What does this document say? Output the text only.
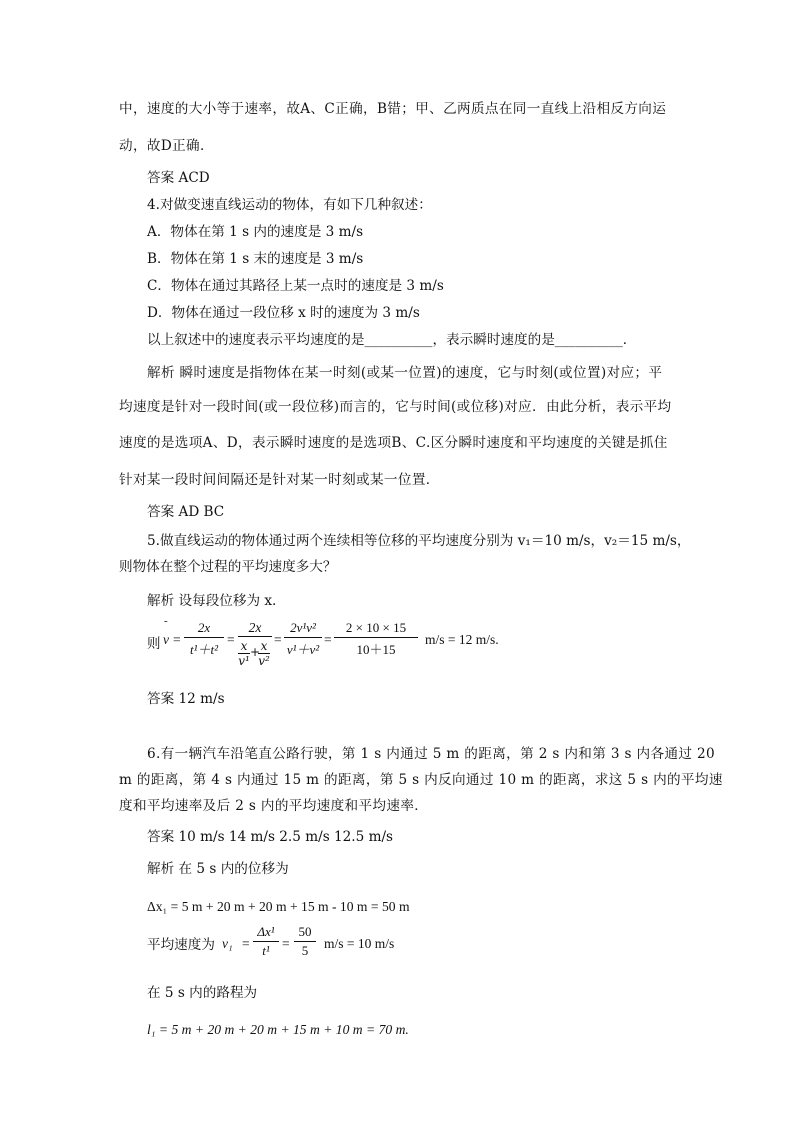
中，速度的大小等于速率，故A、C正确，B错；甲、乙两质点在同一直线上沿相反方向运
动，故D正确．
答案 ACD
4.对做变速直线运动的物体，有如下几种叙述：
A．物体在第 1 s 内的速度是 3 m/s
B．物体在第 1 s 末的速度是 3 m/s
C．物体在通过其路径上某一点时的速度是 3 m/s
D．物体在通过一段位移 x 时的速度为 3 m/s
以上叙述中的速度表示平均速度的是__________，表示瞬时速度的是__________．
解析 瞬时速度是指物体在某一时刻(或某一位置)的速度，它与时刻(或位置)对应；平
均速度是针对一段时间(或一段位移)而言的，它与时间(或位移)对应．由此分析，表示平均
速度的是选项A、D，表示瞬时速度的是选项B、C.区分瞬时速度和平均速度的关键是抓住
针对某一段时间间隔还是针对某一时刻或某一位置．
答案 AD BC
5.做直线运动的物体通过两个连续相等位移的平均速度分别为 v₁＝10 m/s，v₂＝15 m/s，
则物体在整个过程的平均速度多大？
解析 设每段位移为 x.
则 v
-
= $\frac{2x}{\text{t¹＋t²}}$ =
2x
x
v¹
+ x
v²
= $\frac{\text{2v¹v²}}{\text{v¹＋v²}} = \frac{2 \times 10 \times 15}{10+15} m/s = 12$ m/s.
答案 12 m/s
6.有一辆汽车沿笔直公路行驶，第 1 s 内通过 5 m 的距离，第 2 s 内和第 3 s 内各通过 20
m 的距离，第 4 s 内通过 15 m 的距离，第 5 s 内反向通过 10 m 的距离，求这 5 s 内的平均速
度和平均速率及后 2 s 内的平均速度和平均速率．
答案 10 m/s 14 m/s 2.5 m/s 12.5 m/s
解析 在 5 s 内的位移为
Δx₁ = 5 m + 20 m + 20 m + 15 m - 10 m = 50 m
平均速度为 $v_1 = \frac{\text{Δx¹}}{\text{t¹}} = \frac{50}{5} m/s = 10$ m/s
在 5 s 内的路程为
l₁ = 5 m + 20 m + 20 m + 15 m + 10 m = 70 m.
